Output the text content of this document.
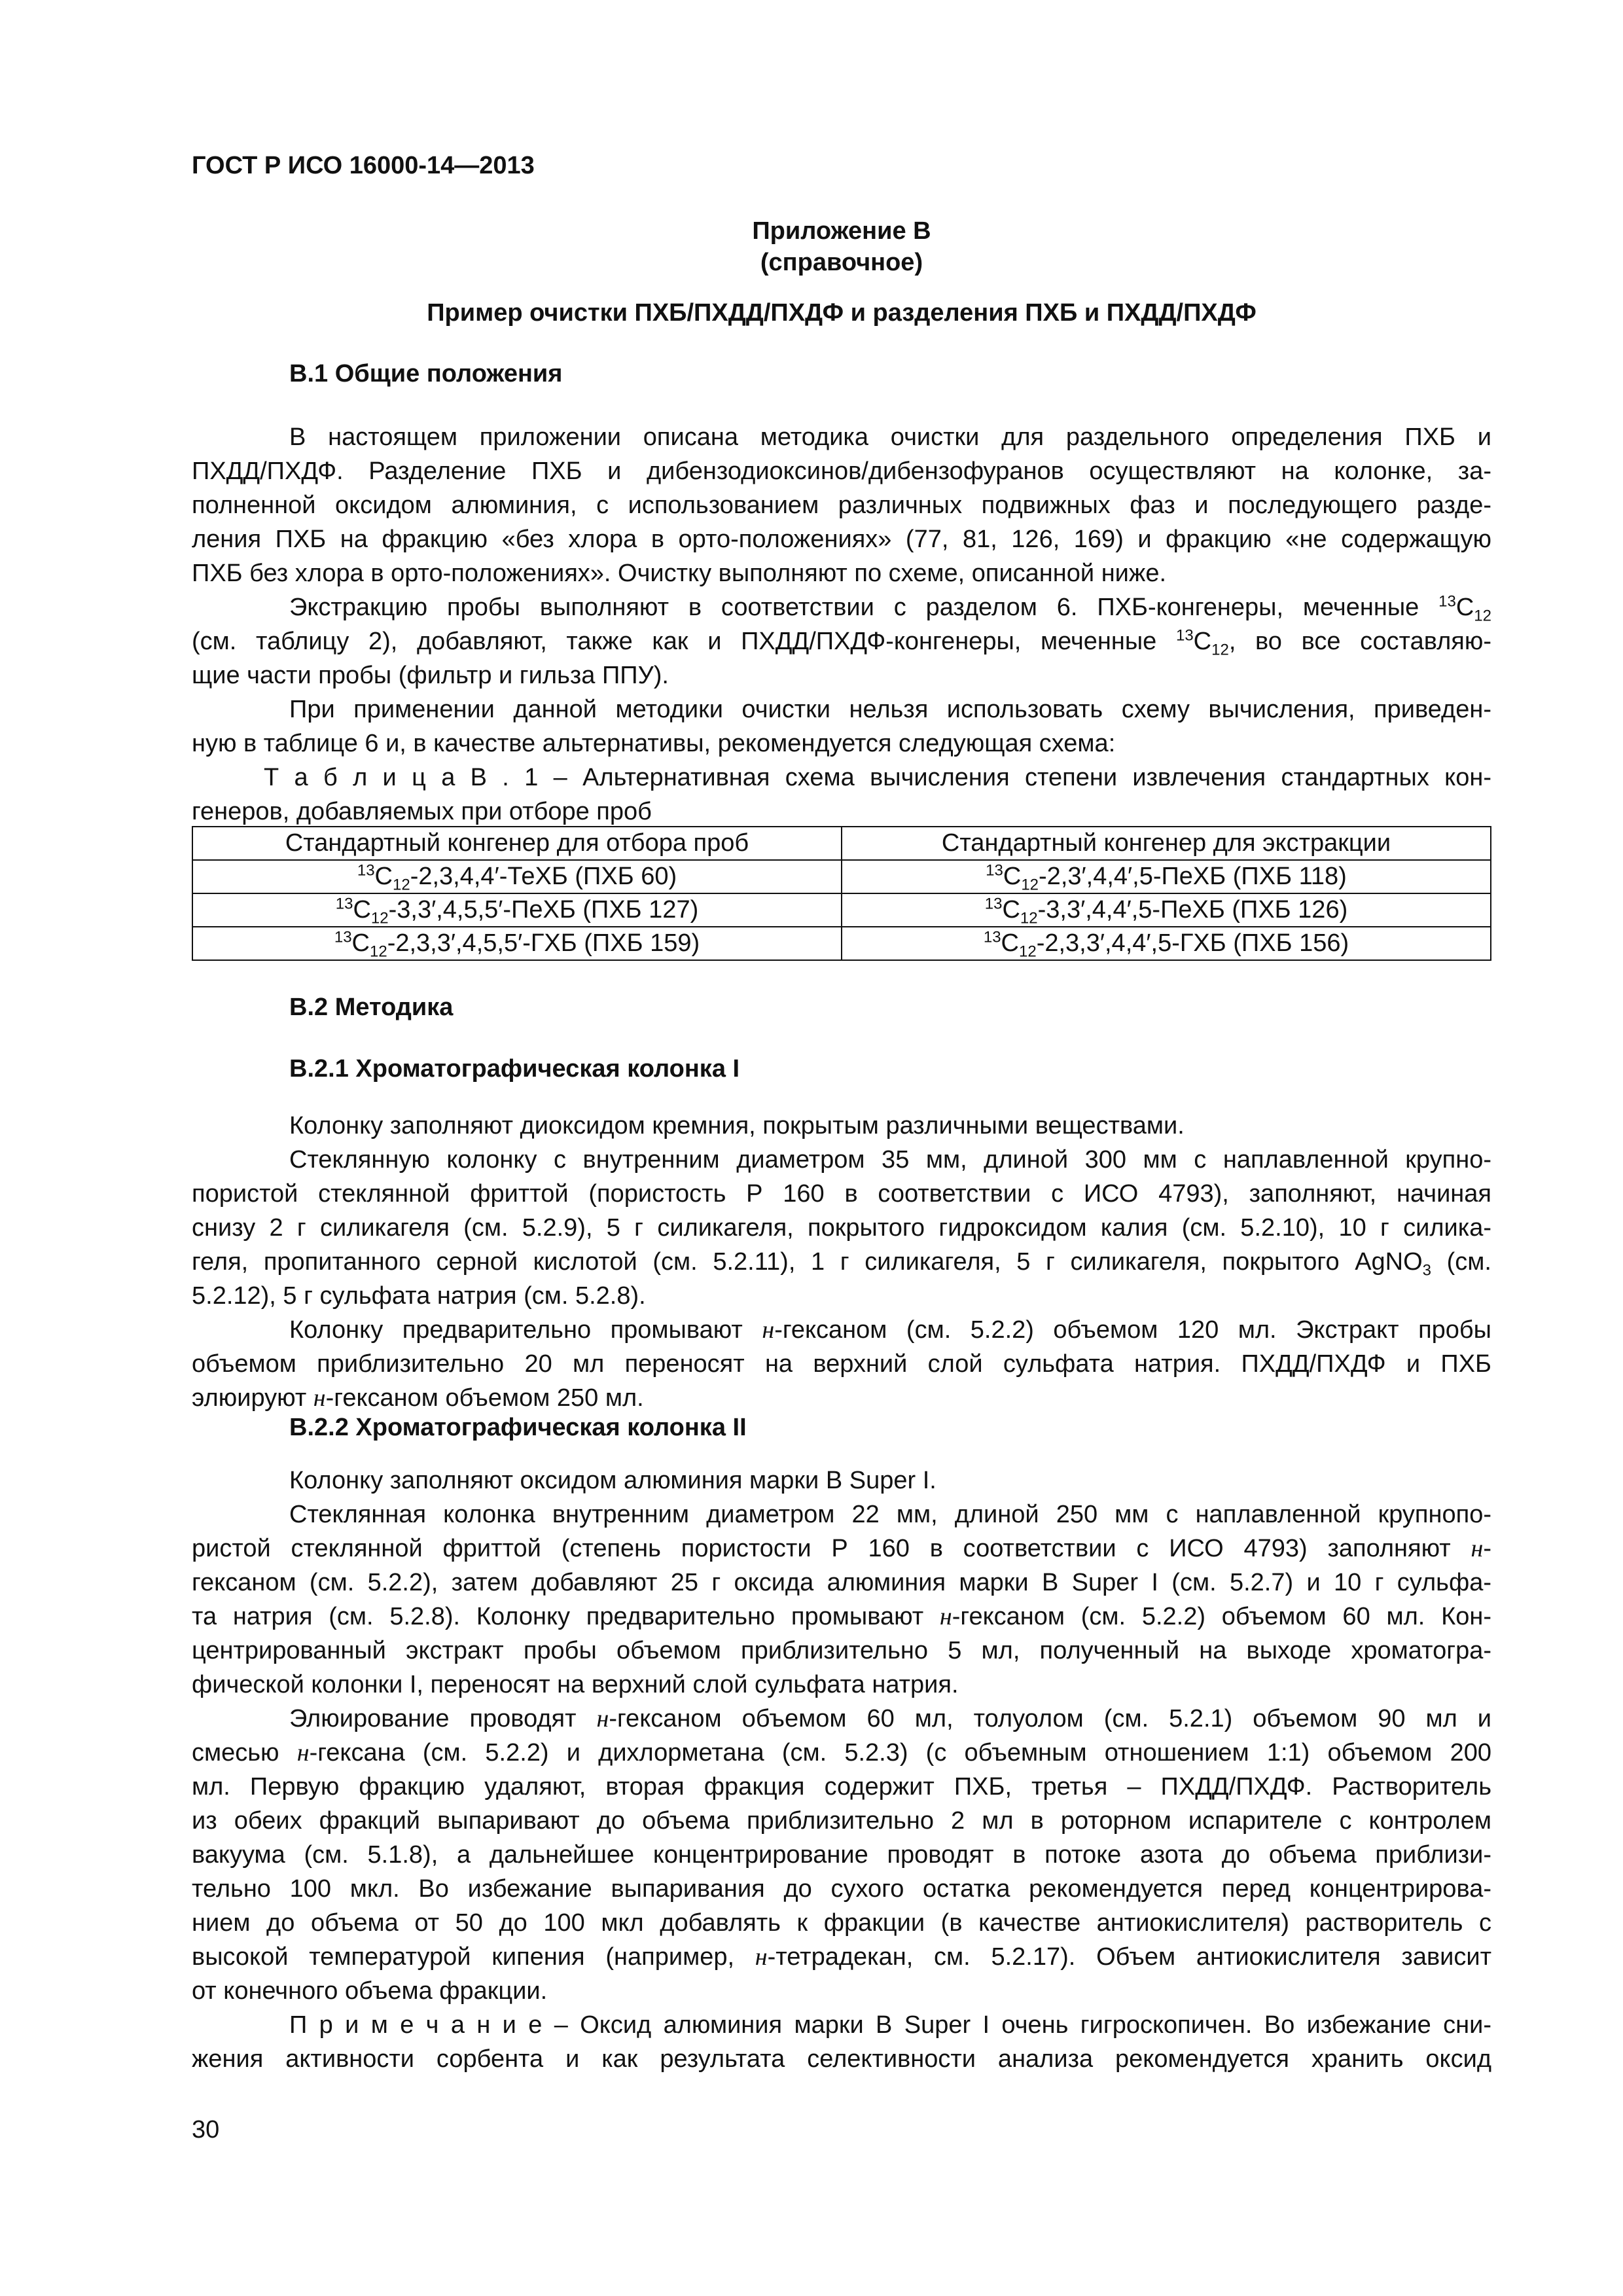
ГОСТ Р ИСО 16000-14—2013
Приложение В
(справочное)
Пример очистки ПХБ/ПХДД/ПХДФ и разделения ПХБ и ПХДД/ПХДФ
В.1 Общие положения
В настоящем приложении описана методика очистки для раздельного определения ПХБ и
ПХДД/ПХДФ. Разделение ПХБ и дибензодиоксинов/дибензофуранов осуществляют на колонке, за-
полненной оксидом алюминия, с использованием различных подвижных фаз и последующего разде-
ления ПХБ на фракцию «без хлора в орто-положениях» (77, 81, 126, 169) и фракцию «не содержащую
ПХБ без хлора в орто-положениях». Очистку выполняют по схеме, описанной ниже.
Экстракцию пробы выполняют в соответствии с разделом 6. ПХБ-конгенеры, меченные $^{13}C_{12}$
(см. таблицу 2), добавляют, также как и ПХДД/ПХДФ-конгенеры, меченные $^{13}C_{12}$, во все составляю-
щие части пробы (фильтр и гильза ППУ).
При применении данной методики очистки нельзя использовать схему вычисления, приведен-
ную в таблице 6 и, в качестве альтернативы, рекомендуется следующая схема:
Т а б л и ц а В . 1 – Альтернативная схема вычисления степени извлечения стандартных кон-
генеров, добавляемых при отборе проб
Стандартный конгенер для отбора проб	Стандартный конгенер для экстракции
$^{13}C_{12}-2,3,4,4'$-ТеХБ (ПХБ 60)	$^{13}C_{12}-2,3',4,4',5$-ПеХБ (ПХБ 118)
$^{13}C_{12}-3,3',4,5,5'$-ПеХБ (ПХБ 127)	$^{13}C_{12}-3,3',4,4',5$-ПеХБ (ПХБ 126)
$^{13}C_{12}-2,3,3',4,5,5'$-ГХБ (ПХБ 159)	$^{13}C_{12}-2,3,3',4,4',5$-ГХБ (ПХБ 156)
В.2 Методика
В.2.1 Хроматографическая колонка I
Колонку заполняют диоксидом кремния, покрытым различными веществами.
Стеклянную колонку с внутренним диаметром 35 мм, длиной 300 мм с наплавленной крупно-
пористой стеклянной фриттой (пористость Р 160 в соответствии с ИСО 4793), заполняют, начиная
снизу 2 г силикагеля (см. 5.2.9), 5 г силикагеля, покрытого гидроксидом калия (см. 5.2.10), 10 г силика-
геля, пропитанного серной кислотой (см. 5.2.11), 1 г силикагеля, 5 г силикагеля, покрытого AgNO$_3$ (см.
5.2.12), 5 г сульфата натрия (см. 5.2.8).
Колонку предварительно промывают н-гексаном (см. 5.2.2) объемом 120 мл. Экстракт пробы
объемом приблизительно 20 мл переносят на верхний слой сульфата натрия. ПХДД/ПХДФ и ПХБ
элюируют н-гексаном объемом 250 мл.
В.2.2 Хроматографическая колонка II
Колонку заполняют оксидом алюминия марки В Super I.
Стеклянная колонка внутренним диаметром 22 мм, длиной 250 мм с наплавленной крупнопо-
ристой стеклянной фриттой (степень пористости Р 160 в соответствии с ИСО 4793) заполняют н-
гексаном (см. 5.2.2), затем добавляют 25 г оксида алюминия марки В Super I (см. 5.2.7) и 10 г сульфа-
та натрия (см. 5.2.8). Колонку предварительно промывают н-гексаном (см. 5.2.2) объемом 60 мл. Кон-
центрированный экстракт пробы объемом приблизительно 5 мл, полученный на выходе хроматогра-
фической колонки I, переносят на верхний слой сульфата натрия.
Элюирование проводят н-гексаном объемом 60 мл, толуолом (см. 5.2.1) объемом 90 мл и
смесью н-гексана (см. 5.2.2) и дихлорметана (см. 5.2.3) (с объемным отношением 1:1) объемом 200
мл. Первую фракцию удаляют, вторая фракция содержит ПХБ, третья – ПХДД/ПХДФ. Растворитель
из обеих фракций выпаривают до объема приблизительно 2 мл в роторном испарителе с контролем
вакуума (см. 5.1.8), а дальнейшее концентрирование проводят в потоке азота до объема приблизи-
тельно 100 мкл. Во избежание выпаривания до сухого остатка рекомендуется перед концентрирова-
нием до объема от 50 до 100 мкл добавлять к фракции (в качестве антиокислителя) растворитель с
высокой температурой кипения (например, н-тетрадекан, см. 5.2.17). Объем антиокислителя зависит
от конечного объема фракции.
П р и м е ч а н и е – Оксид алюминия марки В Super I очень гигроскопичен. Во избежание сни-
жения активности сорбента и как результата селективности анализа рекомендуется хранить оксид
30
